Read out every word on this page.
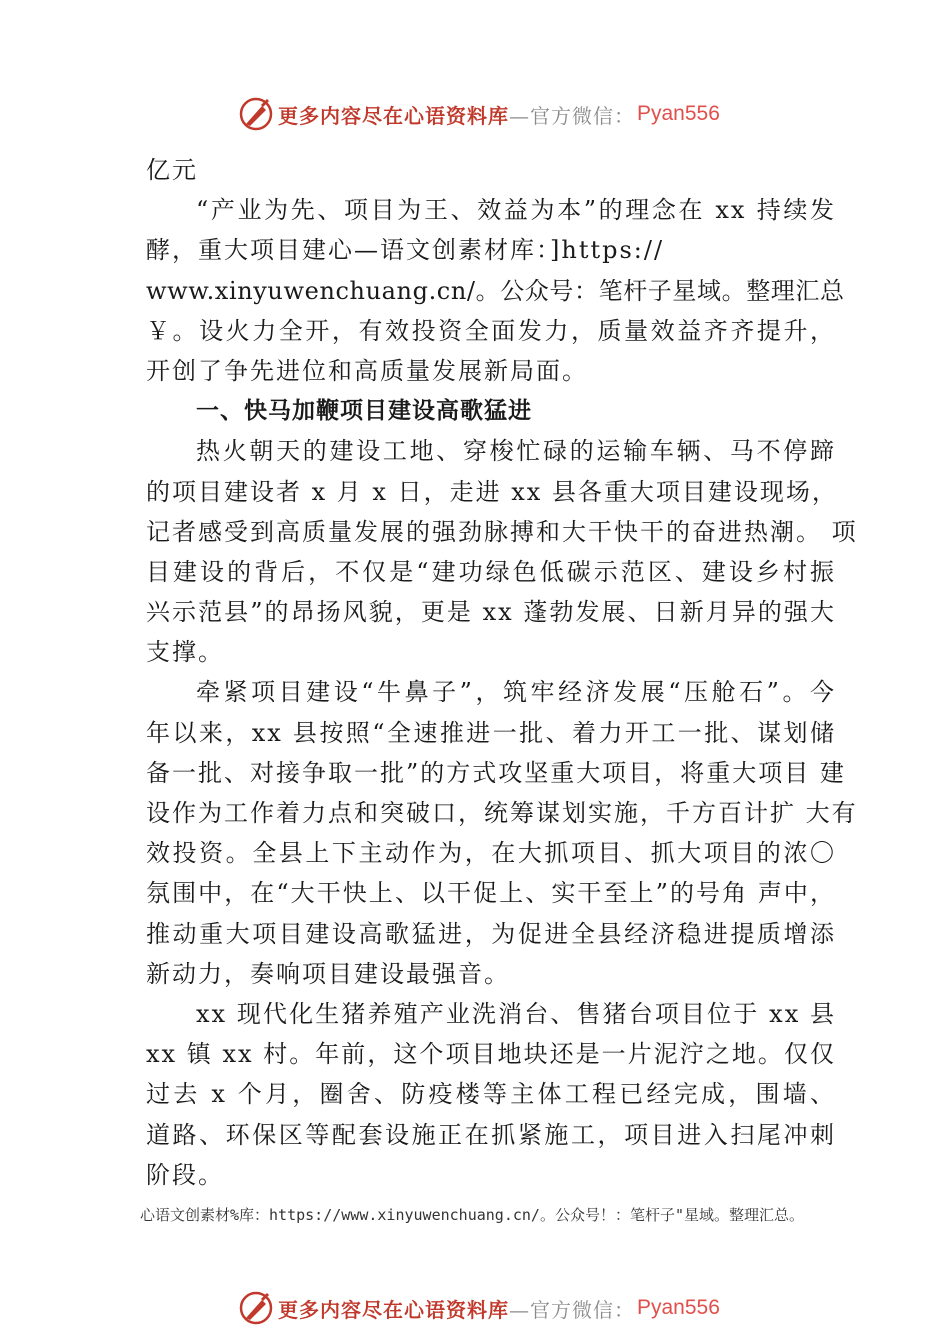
更多内容尽在心语资料库 —官方微信： Pyan556
亿元
“产业为先、项目为王、效益为本”的理念在 xx 持续发
酵，重大项目建心—语文创素材库：]https://
www.xinyuwenchuang.cn/。公众号：笔杆子星域。整理汇总
￥。设火力全开，有效投资全面发力，质量效益齐齐提升，
开创了争先进位和高质量发展新局面。
一、快马加鞭项目建设高歌猛进
热火朝天的建设工地、穿梭忙碌的运输车辆、马不停蹄
的项目建设者 x 月 x 日，走进 xx 县各重大项目建设现场，
记者感受到高质量发展的强劲脉搏和大干快干的奋进热潮。 项
目建设的背后，不仅是“建功绿色低碳示范区、建设乡村振
兴示范县”的昂扬风貌，更是 xx 蓬勃发展、日新月异的强大
支撑。
牵紧项目建设“牛鼻子”，筑牢经济发展“压舱石”。今
年以来，xx 县按照“全速推进一批、着力开工一批、谋划储
备一批、对接争取一批”的方式攻坚重大项目，将重大项目 建
设作为工作着力点和突破口，统筹谋划实施，千方百计扩 大有
效投资。全县上下主动作为，在大抓项目、抓大项目的浓〇
氛围中，在“大干快上、以干促上、实干至上”的号角 声中，
推动重大项目建设高歌猛进，为促进全县经济稳进提质增添
新动力，奏响项目建设最强音。
xx 现代化生猪养殖产业洗消台、售猪台项目位于 xx 县
xx 镇 xx 村。年前，这个项目地块还是一片泥泞之地。仅仅
过去 x 个月，圈舍、防疫楼等主体工程已经完成，围墙、
道路、环保区等配套设施正在抓紧施工，项目进入扫尾冲刺
阶段。
心语文创素材%库：https://www.xinyuwenchuang.cn/。公众号！：笔杆子"星域。整理汇总。
更多内容尽在心语资料库 —官方微信： Pyan556
